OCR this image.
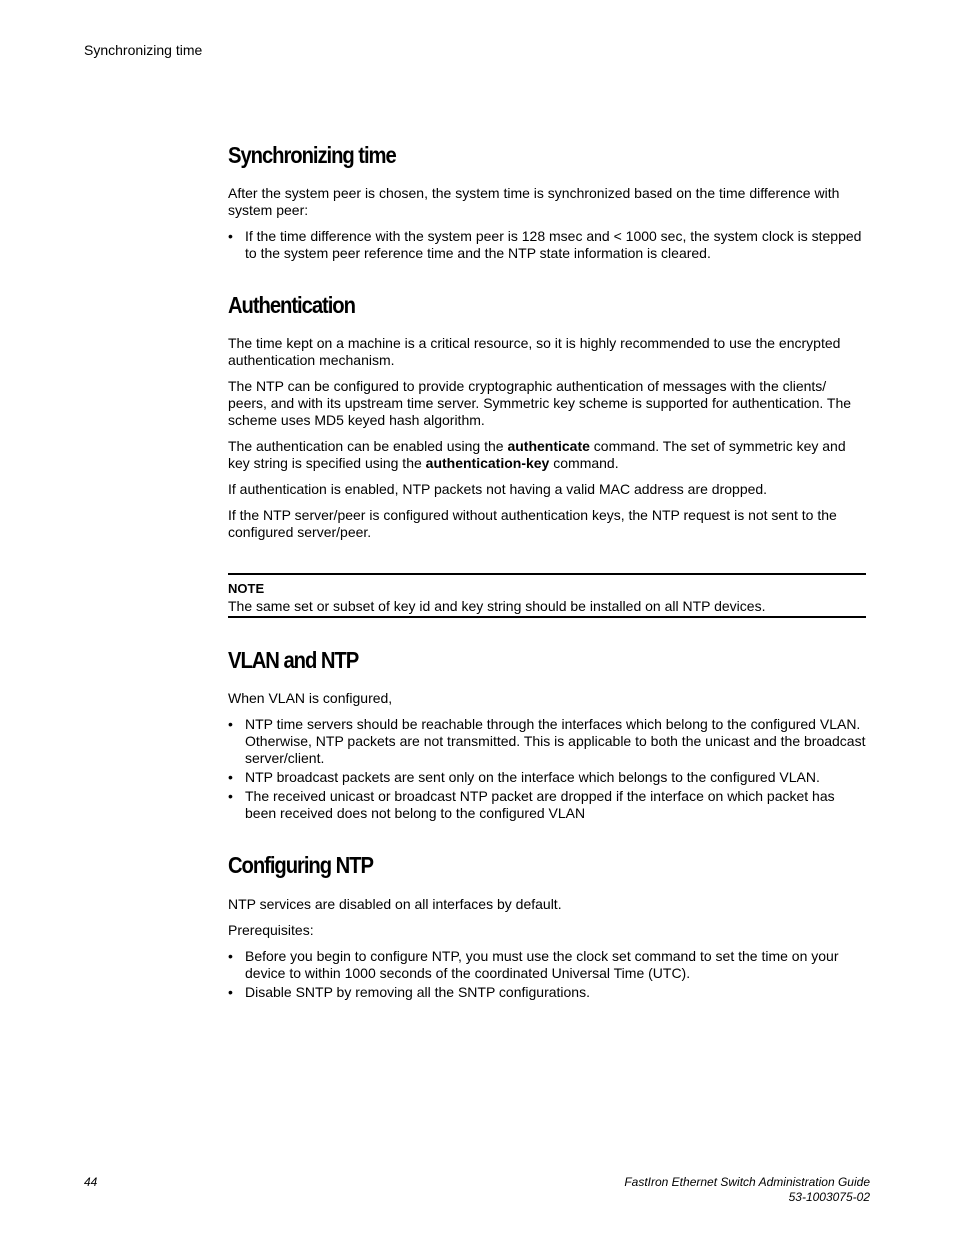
Synchronizing time
Synchronizing time

After the system peer is chosen, the system time is synchronized based on the time difference with system peer:

• If the time difference with the system peer is 128 msec and < 1000 sec, the system clock is stepped to the system peer reference time and the NTP state information is cleared.
Authentication

The time kept on a machine is a critical resource, so it is highly recommended to use the encrypted authentication mechanism.

The NTP can be configured to provide cryptographic authentication of messages with the clients/ peers, and with its upstream time server. Symmetric key scheme is supported for authentication. The scheme uses MD5 keyed hash algorithm.

The authentication can be enabled using the authenticate command. The set of symmetric key and key string is specified using the authentication-key command.

If authentication is enabled, NTP packets not having a valid MAC address are dropped.

If the NTP server/peer is configured without authentication keys, the NTP request is not sent to the configured server/peer.

NOTE
The same set or subset of key id and key string should be installed on all NTP devices.
VLAN and NTP

When VLAN is configured,

• NTP time servers should be reachable through the interfaces which belong to the configured VLAN. Otherwise, NTP packets are not transmitted. This is applicable to both the unicast and the broadcast server/client.
• NTP broadcast packets are sent only on the interface which belongs to the configured VLAN.
• The received unicast or broadcast NTP packet are dropped if the interface on which packet has been received does not belong to the configured VLAN
Configuring NTP

NTP services are disabled on all interfaces by default.

Prerequisites:

• Before you begin to configure NTP, you must use the clock set command to set the time on your device to within 1000 seconds of the coordinated Universal Time (UTC).
• Disable SNTP by removing all the SNTP configurations.
44	FastIron Ethernet Switch Administration Guide
53-1003075-02
